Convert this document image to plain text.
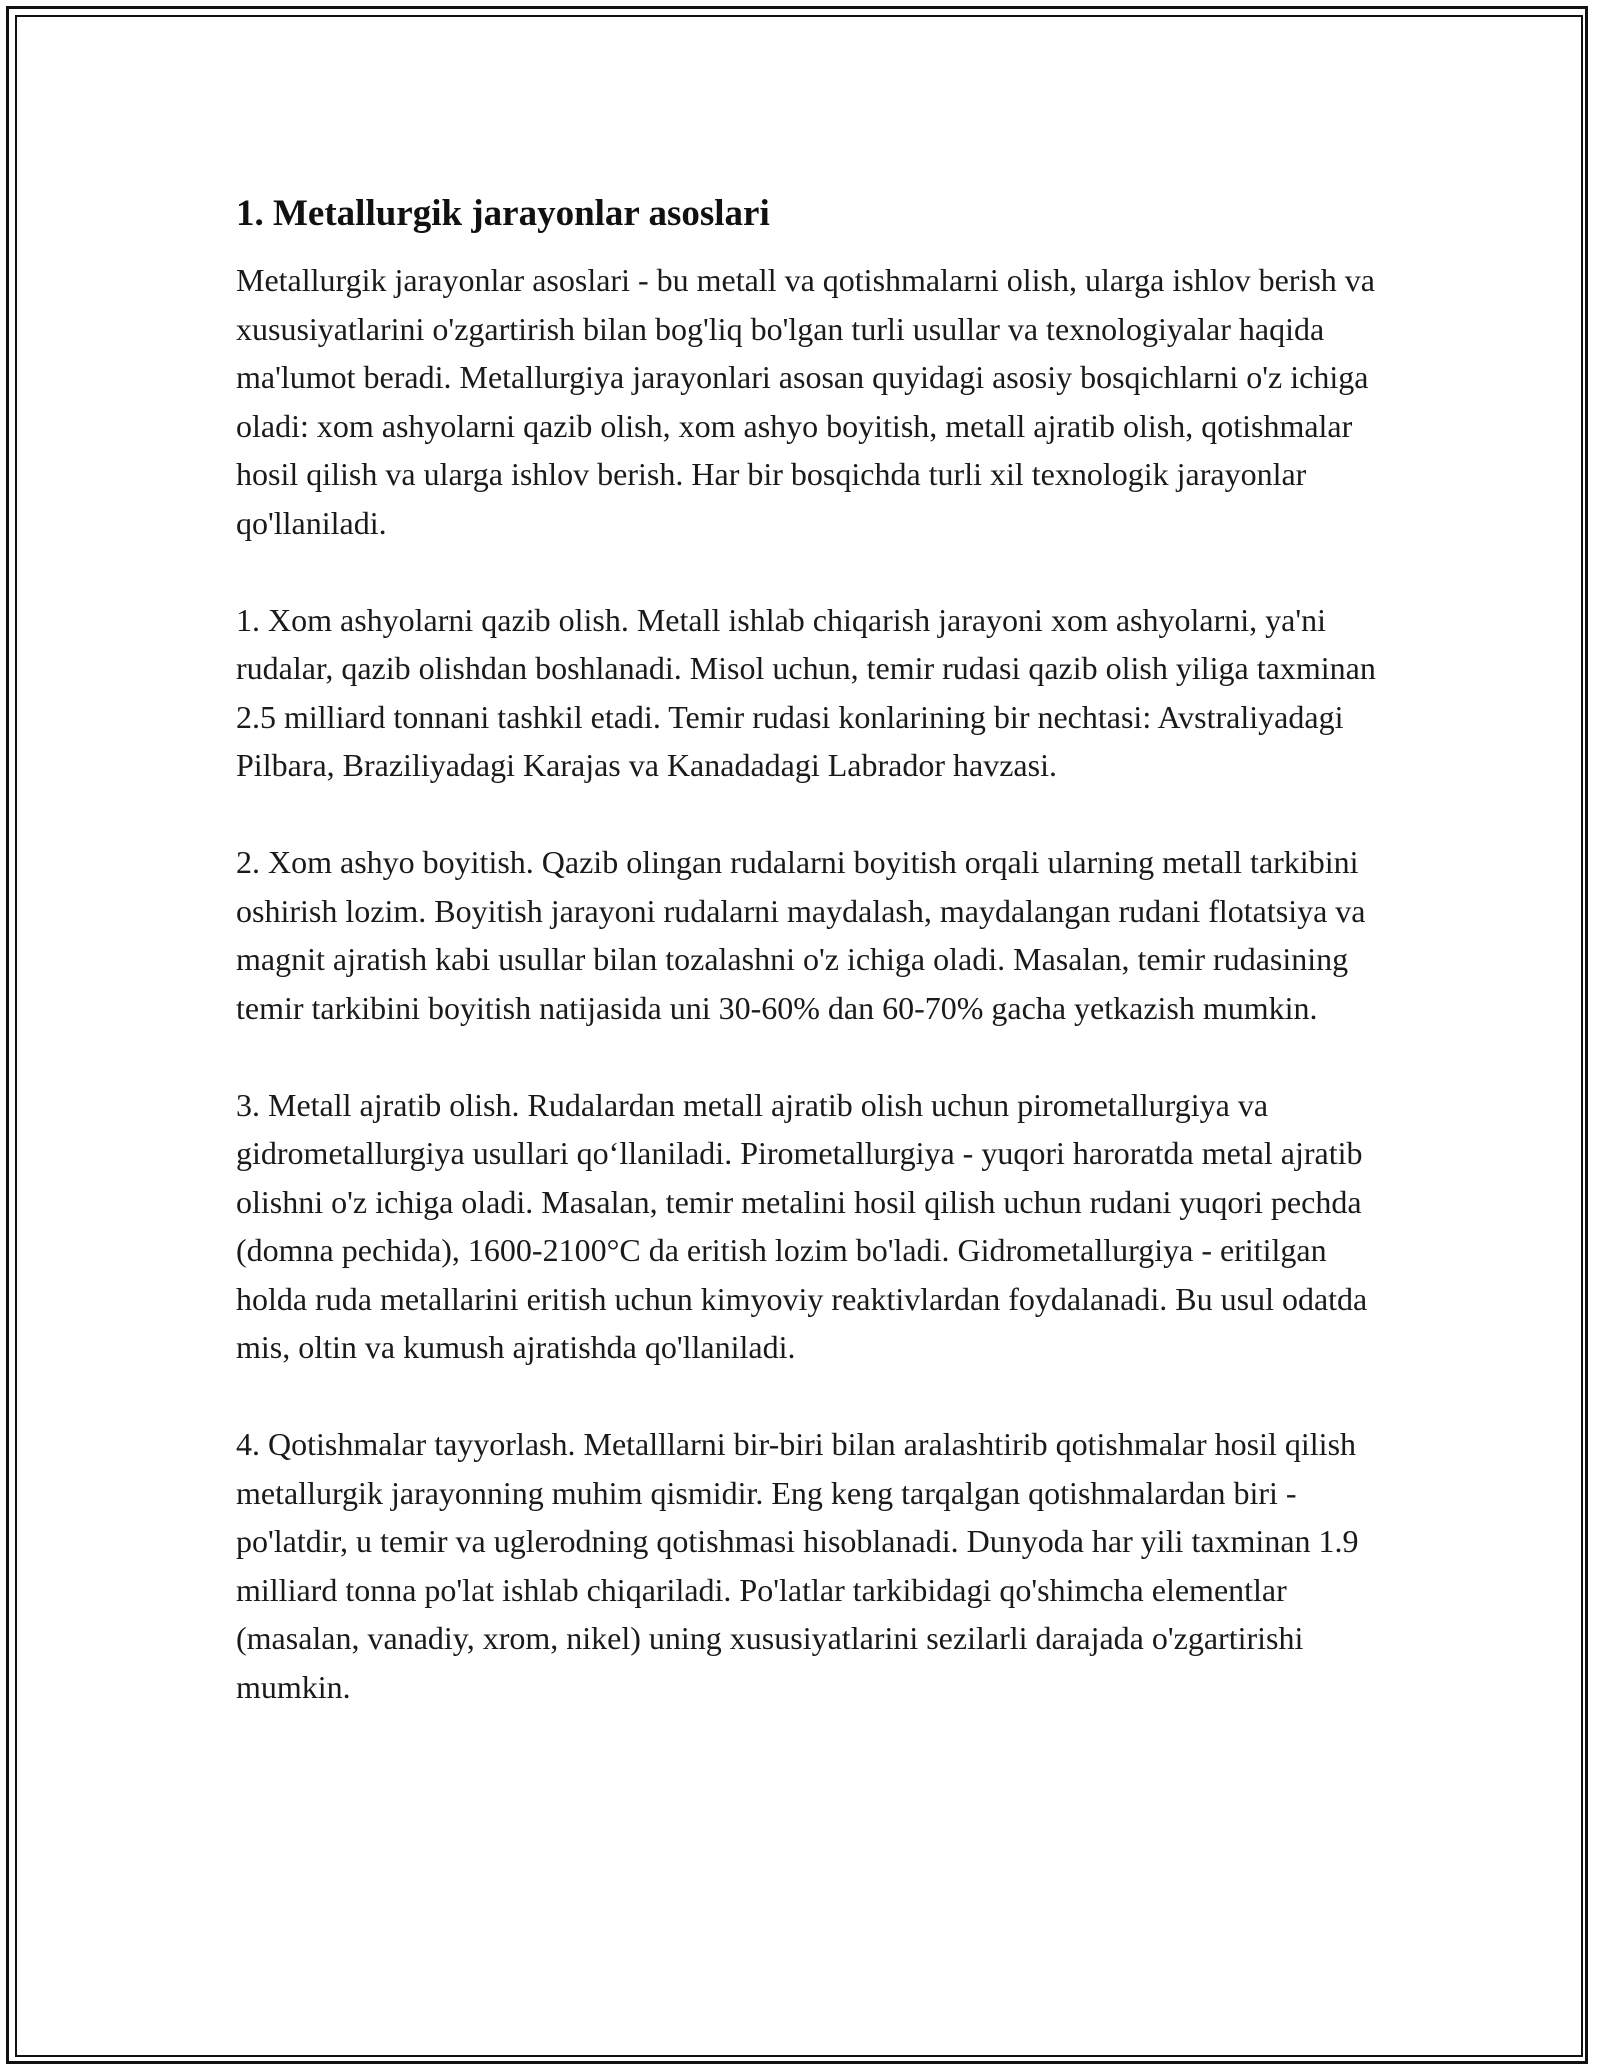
1. Metallurgik jarayonlar asoslari

Metallurgik jarayonlar asoslari - bu metall va qotishmalarni olish, ularga ishlov berish va xususiyatlarini o'zgartirish bilan bog'liq bo'lgan turli usullar va texnologiyalar haqida ma'lumot beradi. Metallurgiya jarayonlari asosan quyidagi asosiy bosqichlarni o'z ichiga oladi: xom ashyolarni qazib olish, xom ashyo boyitish, metall ajratib olish, qotishmalar hosil qilish va ularga ishlov berish. Har bir bosqichda turli xil texnologik jarayonlar qo'llaniladi.

1. Xom ashyolarni qazib olish. Metall ishlab chiqarish jarayoni xom ashyolarni, ya'ni rudalar, qazib olishdan boshlanadi. Misol uchun, temir rudasi qazib olish yiliga taxminan 2.5 milliard tonnani tashkil etadi. Temir rudasi konlarining bir nechtasi: Avstraliyadagi Pilbara, Braziliyadagi Karajas va Kanadadagi Labrador havzasi.

2. Xom ashyo boyitish. Qazib olingan rudalarni boyitish orqali ularning metall tarkibini oshirish lozim. Boyitish jarayoni rudalarni maydalash, maydalangan rudani flotatsiya va magnit ajratish kabi usullar bilan tozalashni o'z ichiga oladi. Masalan, temir rudasining temir tarkibini boyitish natijasida uni 30-60% dan 60-70% gacha yetkazish mumkin.

3. Metall ajratib olish. Rudalardan metall ajratib olish uchun pirometallurgiya va gidrometallurgiya usullari qo‘llaniladi. Pirometallurgiya - yuqori haroratda metal ajratib olishni o'z ichiga oladi. Masalan, temir metalini hosil qilish uchun rudani yuqori pechda (domna pechida), 1600-2100°C da eritish lozim bo'ladi. Gidrometallurgiya - eritilgan holda ruda metallarini eritish uchun kimyoviy reaktivlardan foydalanadi. Bu usul odatda mis, oltin va kumush ajratishda qo'llaniladi.

4. Qotishmalar tayyorlash. Metalllarni bir-biri bilan aralashtirib qotishmalar hosil qilish metallurgik jarayonning muhim qismidir. Eng keng tarqalgan qotishmalardan biri - po'latdir, u temir va uglerodning qotishmasi hisoblanadi. Dunyoda har yili taxminan 1.9 milliard tonna po'lat ishlab chiqariladi. Po'latlar tarkibidagi qo'shimcha elementlar (masalan, vanadiy, xrom, nikel) uning xususiyatlarini sezilarli darajada o'zgartirishi mumkin.
